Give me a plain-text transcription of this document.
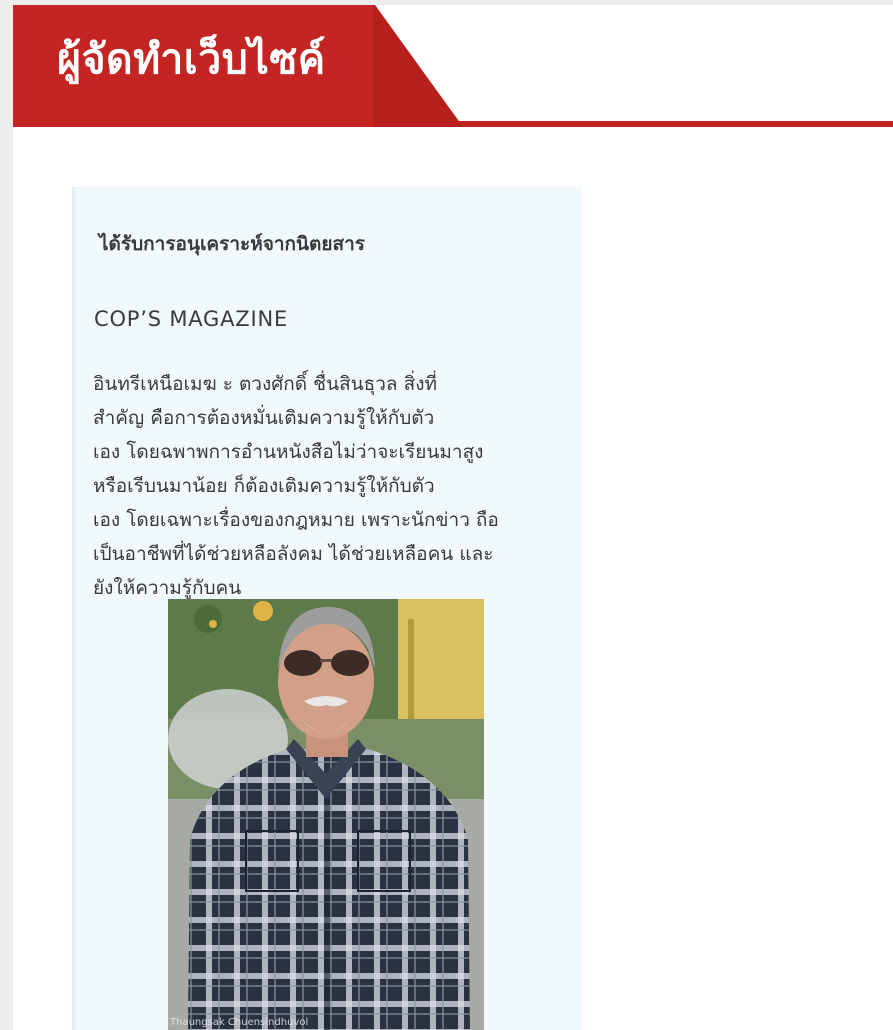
ผู้จัดทำเว็บไซค์
ได้รับการอนุเคราะห์จากนิตยสาร
COP’S MAGAZINE
อินทรีเหนือเมฆ ะ ตวงศักดิ์ ชื่นสินธุวล สิ่งที่
สำคัญ คือการต้องหมั่นเติมความรู้ให้กับตัว
เอง โดยฉพาพการอำนหนังสือไม่ว่าจะเรียนมาสูง
หรือเรีบนมาน้อย ก็ต้องเติมความรู้ให้กับตัว
เอง โดยเฉพาะเรื่องของกฎหมาย เพราะนักข่าว ถือ
เป็นอาชีพที่ได้ช่วยหลือลังคม ได้ช่วยเหลือคน และ
ยังให้ความรู้กับคน
Thaungsak Chuensindhuvol
